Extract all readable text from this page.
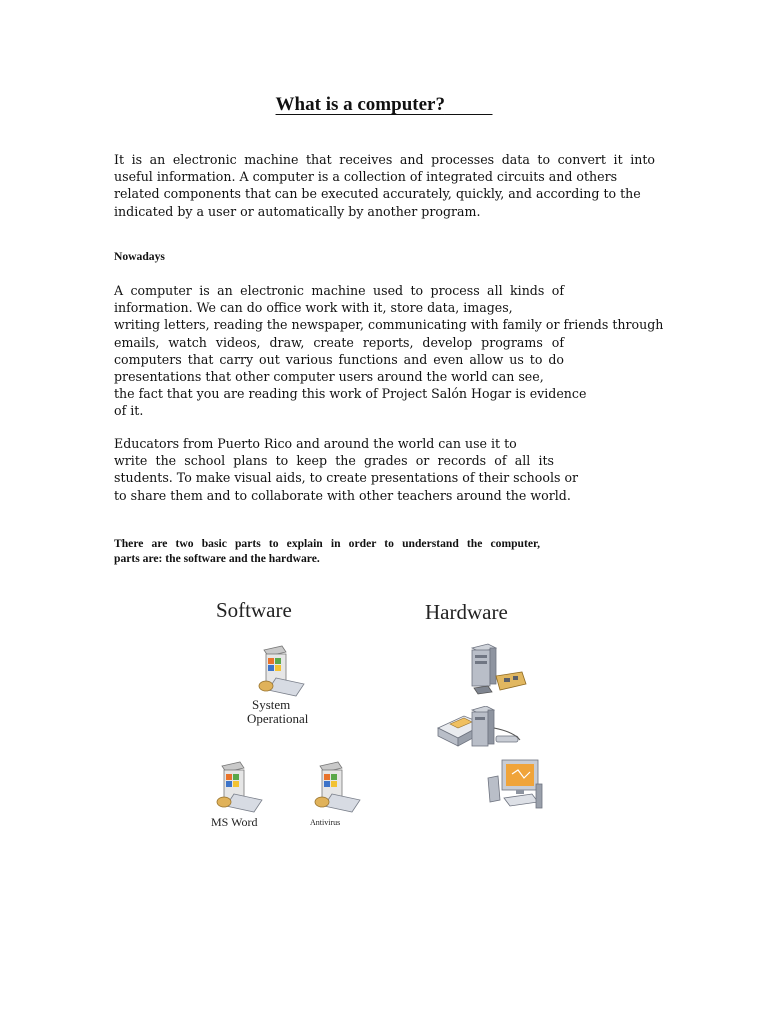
What is a computer?

It is an electronic machine that receives and processes data to convert it into
useful information. A computer is a collection of integrated circuits and others
related components that can be executed accurately, quickly, and according to the
indicated by a user or automatically by another program.

Nowadays

A computer is an electronic machine used to process all kinds of
information. We can do office work with it, store data, images,
writing letters, reading the newspaper, communicating with family or friends through
emails, watch videos, draw, create reports, develop programs of
computers that carry out various functions and even allow us to do
presentations that other computer users around the world can see,
the fact that you are reading this work of Project Salón Hogar is evidence
of it.

Educators from Puerto Rico and around the world can use it to
write the school plans to keep the grades or records of all its
students. To make visual aids, to create presentations of their schools or
to share them and to collaborate with other teachers around the world.

There are two basic parts to explain in order to understand the computer,
parts are: the software and the hardware.

Software	Hardware
System
Operational
MS Word	Antivirus
